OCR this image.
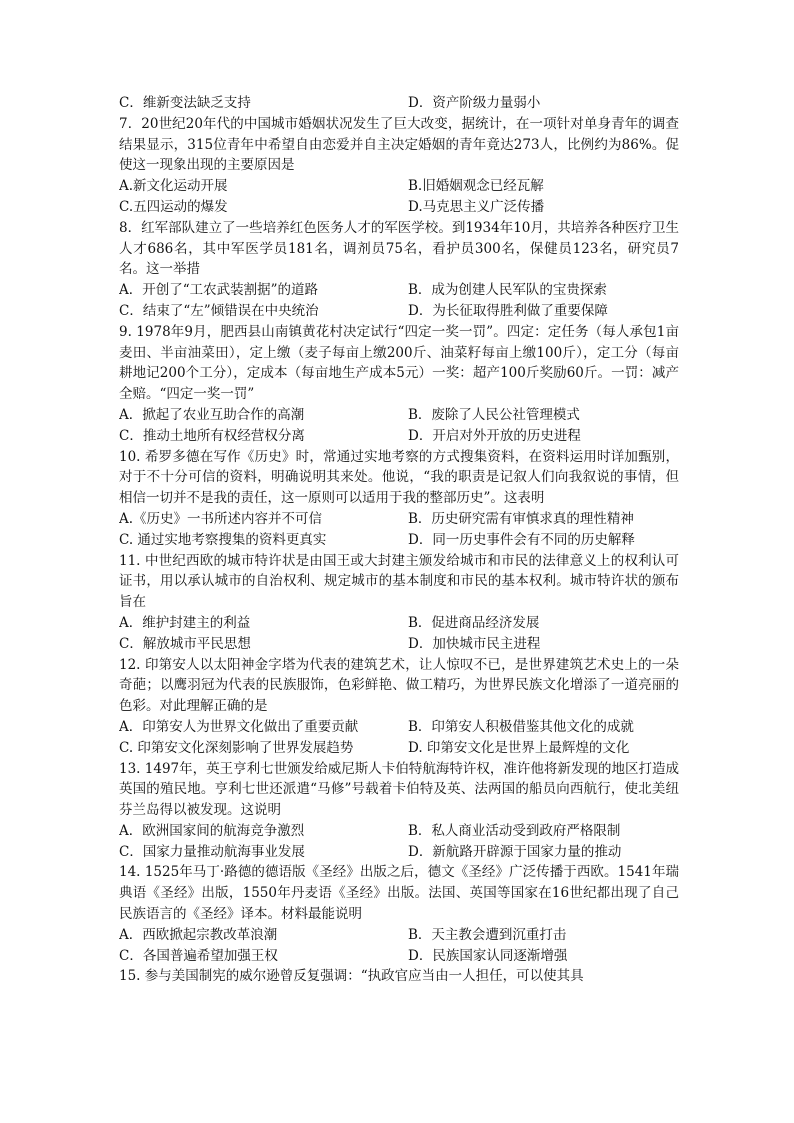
C．维新变法缺乏支持	D．资产阶级力量弱小

7．20世纪20年代的中国城市婚姻状况发生了巨大改变，据统计，在一项针对单身青年的调查结果显示，315位青年中希望自由恋爱并自主决定婚姻的青年竟达273人，比例约为86%。促使这一现象出现的主要原因是

A.新文化运动开展	B.旧婚姻观念已经瓦解
C.五四运动的爆发	D.马克思主义广泛传播

8．红军部队建立了一些培养红色医务人才的军医学校。到1934年10月，共培养各种医疗卫生人才686名，其中军医学员181名，调剂员75名，看护员300名，保健员123名，研究员7名。这一举措

A．开创了“工农武装割据”的道路	B．成为创建人民军队的宝贵探索
C．结束了“左”倾错误在中央统治	D．为长征取得胜利做了重要保障

9. 1978年9月，肥西县山南镇黄花村决定试行“四定一奖一罚”。四定：定任务（每人承包1亩麦田、半亩油菜田），定上缴（麦子每亩上缴200斤、油菜籽每亩上缴100斤），定工分（每亩耕地记200个工分），定成本（每亩地生产成本5元）一奖：超产100斤奖励60斤。一罚：减产全赔。“四定一奖一罚”

A．掀起了农业互助合作的高潮	B．废除了人民公社管理模式
C．推动土地所有权经营权分离	D．开启对外开放的历史进程

10. 希罗多德在写作《历史》时，常通过实地考察的方式搜集资料，在资料运用时详加甄别，对于不十分可信的资料，明确说明其来处。他说，“我的职责是记叙人们向我叙说的事情，但相信一切并不是我的责任，这一原则可以适用于我的整部历史”。这表明

A.《历史》一书所述内容并不可信	B．历史研究需有审慎求真的理性精神
C. 通过实地考察搜集的资料更真实	D．同一历史事件会有不同的历史解释

11. 中世纪西欧的城市特许状是由国王或大封建主颁发给城市和市民的法律意义上的权利认可证书，用以承认城市的自治权利、规定城市的基本制度和市民的基本权利。城市特许状的颁布旨在

A．维护封建主的利益	B．促进商品经济发展
C．解放城市平民思想	D．加快城市民主进程

12. 印第安人以太阳神金字塔为代表的建筑艺术，让人惊叹不已，是世界建筑艺术史上的一朵奇葩；以鹰羽冠为代表的民族服饰，色彩鲜艳、做工精巧，为世界民族文化增添了一道亮丽的色彩。对此理解正确的是

A．印第安人为世界文化做出了重要贡献	B．印第安人积极借鉴其他文化的成就
C. 印第安文化深刻影响了世界发展趋势	D. 印第安文化是世界上最辉煌的文化

13. 1497年，英王亨利七世颁发给威尼斯人卡伯特航海特许权，准许他将新发现的地区打造成英国的殖民地。亨利七世还派遣“马修”号载着卡伯特及英、法两国的船员向西航行，使北美纽芬兰岛得以被发现。这说明

A．欧洲国家间的航海竞争激烈	B．私人商业活动受到政府严格限制
C．国家力量推动航海事业发展	D．新航路开辟源于国家力量的推动

14. 1525年马丁·路德的德语版《圣经》出版之后，德文《圣经》广泛传播于西欧。1541年瑞典语《圣经》出版，1550年丹麦语《圣经》出版。法国、英国等国家在16世纪都出现了自己民族语言的《圣经》译本。材料最能说明

A．西欧掀起宗教改革浪潮	B．天主教会遭到沉重打击
C．各国普遍希望加强王权	D．民族国家认同逐渐增强

15. 参与美国制宪的威尔逊曾反复强调：“执政官应当由一人担任，可以使其具
